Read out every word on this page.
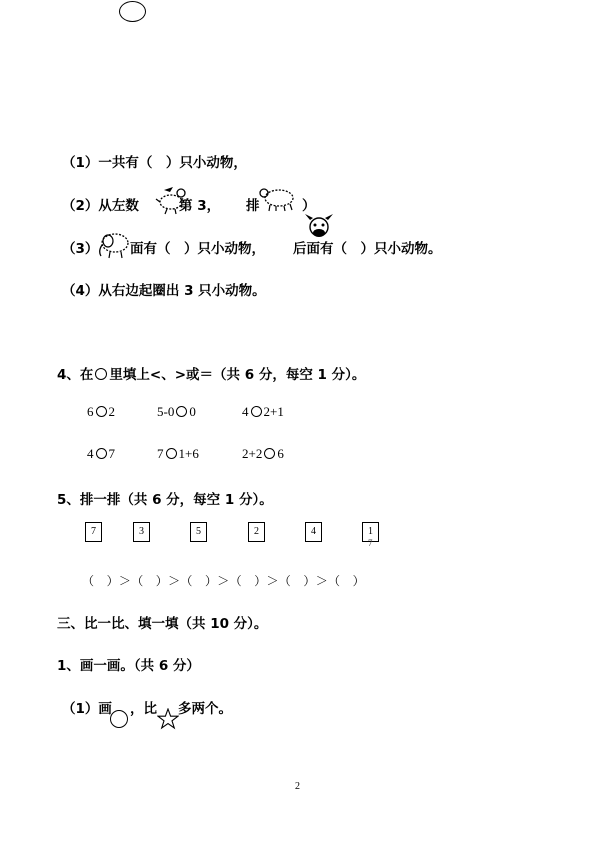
（1）一共有（　）只小动物，
（2）从左数	第 3， 排	）
（3） 面有（　）只小动物， 后面有（　）只小动物。
（4）从右边起圈出 3 只小动物。
4、在 里填上<、>或＝（共 6 分，每空 1 分）。
6 2	5-0 0	4 2+1
4 7	7 1+6	2+2 6
5、排一排（共 6 分，每空 1 分）。
7	3	5	2	4	1
7
（　）＞（　）＞（　）＞（　）＞（　）＞（　）
三、比一比、填一填（共 10 分）。
1、画一画。（共 6 分）
（1）画 ，比 多两个。
2
